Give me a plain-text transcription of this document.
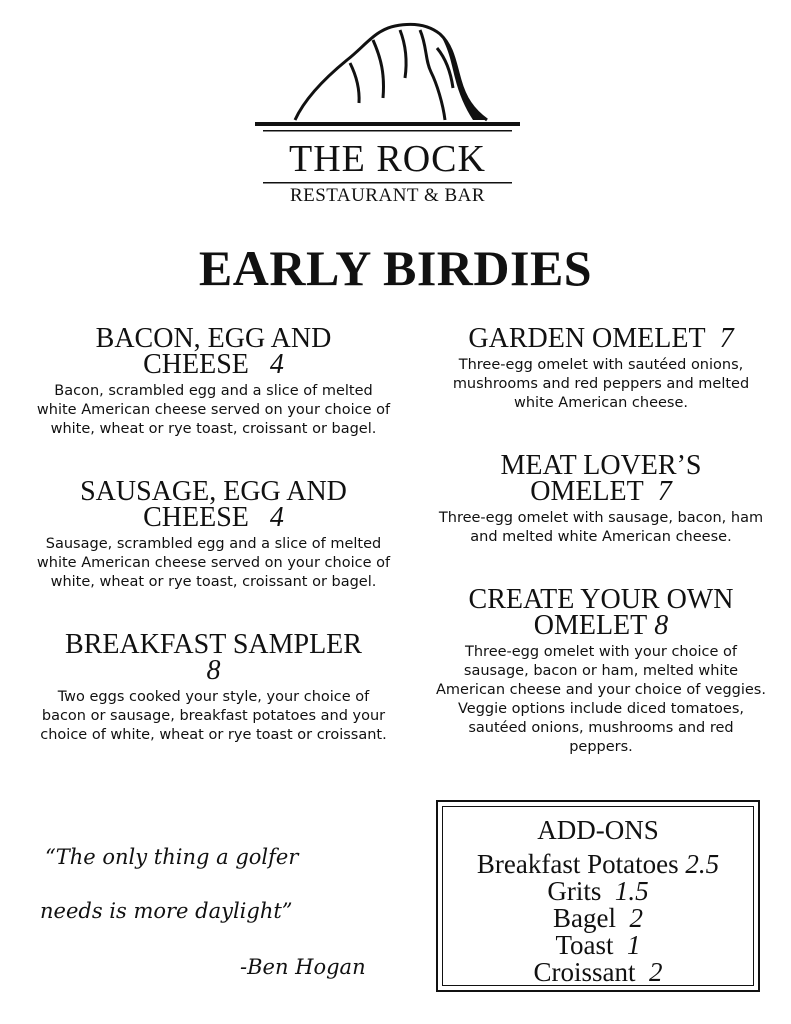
THE ROCK
RESTAURANT & BAR
EARLY BIRDIES
BACON, EGG AND CHEESE 4

Bacon, scrambled egg and a slice of melted white American cheese served on your choice of white, wheat or rye toast, croissant or bagel.

SAUSAGE, EGG AND CHEESE 4

Sausage, scrambled egg and a slice of melted white American cheese served on your choice of white, wheat or rye toast, croissant or bagel.

BREAKFAST SAMPLER
8

Two eggs cooked your style, your choice of bacon or sausage, breakfast potatoes and your choice of white, wheat or rye toast or croissant.

GARDEN OMELET 7

Three-egg omelet with sautéed onions, mushrooms and red peppers and melted white American cheese.

MEAT LOVER’S OMELET 7

Three-egg omelet with sausage, bacon, ham and melted white American cheese.

CREATE YOUR OWN OMELET 8

Three-egg omelet with your choice of sausage, bacon or ham, melted white American cheese and your choice of veggies. Veggie options include diced tomatoes, sautéed onions, mushrooms and red peppers.

“The only thing a golfer
needs is more daylight”
-Ben Hogan
ADD-ONS

Breakfast Potatoes 2.5

Grits 1.5

Bagel 2

Toast 1

Croissant 2
